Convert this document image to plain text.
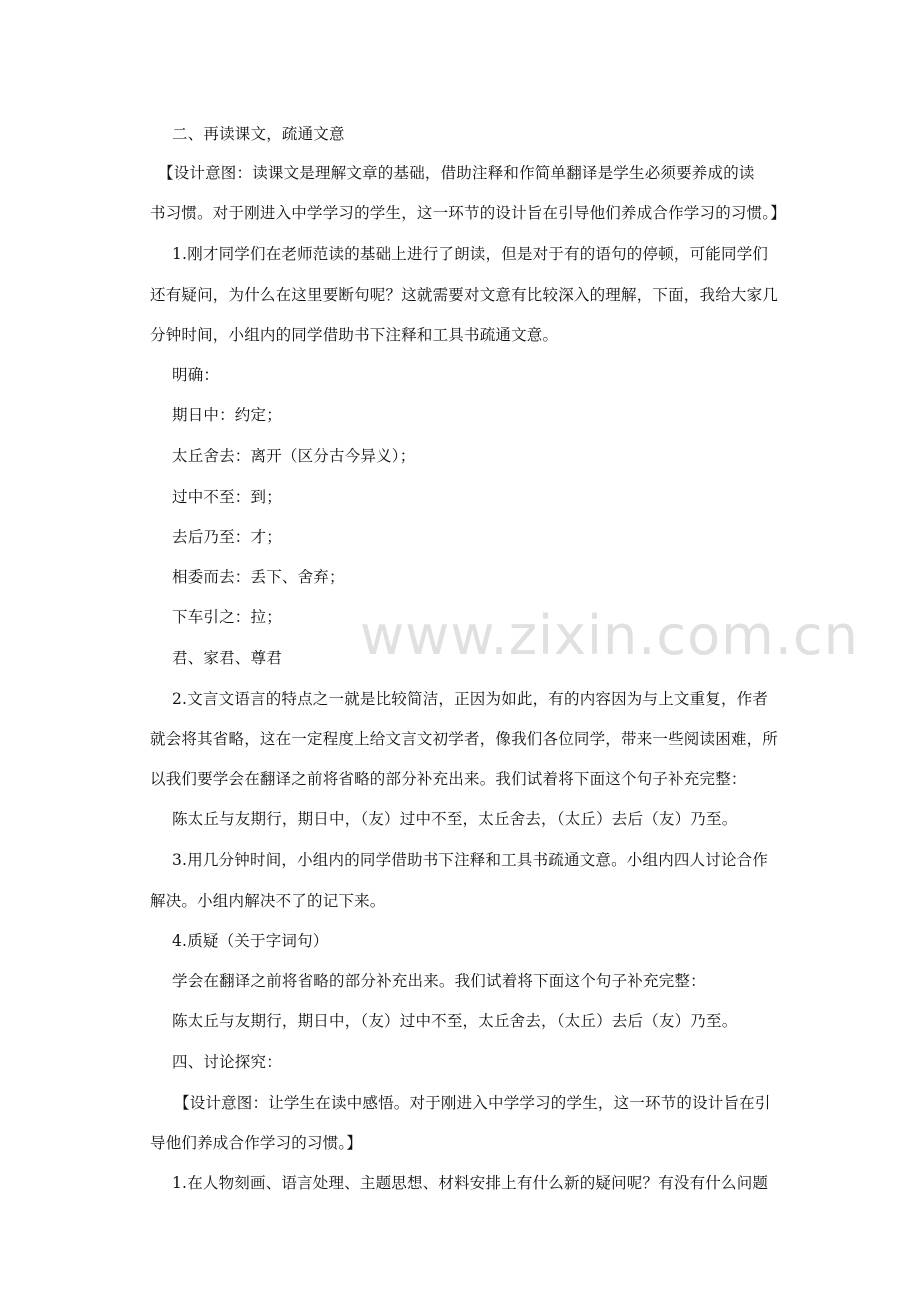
www.zixin.com.cn
二、再读课文，疏通文意
【设计意图：读课文是理解文章的基础，借助注释和作简单翻译是学生必须要养成的读
书习惯。对于刚进入中学学习的学生，这一环节的设计旨在引导他们养成合作学习的习惯。】
1.刚才同学们在老师范读的基础上进行了朗读，但是对于有的语句的停顿，可能同学们
还有疑问，为什么在这里要断句呢？这就需要对文意有比较深入的理解，下面，我给大家几
分钟时间，小组内的同学借助书下注释和工具书疏通文意。
明确：
期日中：约定；
太丘舍去：离开（区分古今异义）；
过中不至：到；
去后乃至：才；
相委而去：丢下、舍弃；
下车引之：拉；
君、家君、尊君
2.文言文语言的特点之一就是比较简洁，正因为如此，有的内容因为与上文重复，作者
就会将其省略，这在一定程度上给文言文初学者，像我们各位同学，带来一些阅读困难，所
以我们要学会在翻译之前将省略的部分补充出来。我们试着将下面这个句子补充完整：
陈太丘与友期行，期日中，（友）过中不至，太丘舍去，（太丘）去后（友）乃至。
3.用几分钟时间，小组内的同学借助书下注释和工具书疏通文意。小组内四人讨论合作
解决。小组内解决不了的记下来。
4.质疑（关于字词句）
学会在翻译之前将省略的部分补充出来。我们试着将下面这个句子补充完整：
陈太丘与友期行，期日中，（友）过中不至，太丘舍去，（太丘）去后（友）乃至。
四、讨论探究：
【设计意图：让学生在读中感悟。对于刚进入中学学习的学生，这一环节的设计旨在引
导他们养成合作学习的习惯。】
1.在人物刻画、语言处理、主题思想、材料安排上有什么新的疑问呢？有没有什么问题
